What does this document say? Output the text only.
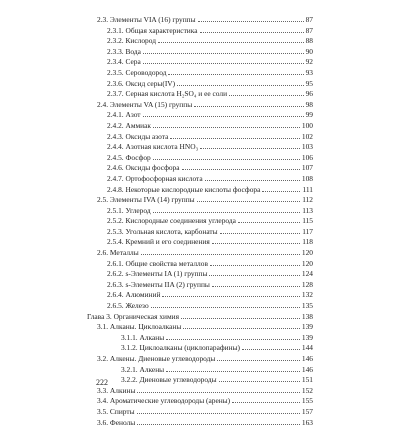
2.3. Элементы VIA (16) группы	87
2.3.1. Общая характеристика	87
2.3.2. Кислород	88
2.3.3. Вода	90
2.3.4. Сера	92
2.3.5. Сероводород	93
2.3.6. Оксид серы(IV)	95
2.3.7. Серная кислота H₂SO₄ и ее соли	96
2.4. Элементы VA (15) группы	98
2.4.1. Азот	99
2.4.2. Аммиак	100
2.4.3. Оксиды азота	102
2.4.4. Азотная кислота HNO₃	103
2.4.5. Фосфор	106
2.4.6. Оксиды фосфора	107
2.4.7. Ортофосфорная кислота	108
2.4.8. Некоторые кислородные кислоты фосфора	111
2.5. Элементы IVA (14) группы	112
2.5.1. Углерод	113
2.5.2. Кислородные соединения углерода	115
2.5.3. Угольная кислота, карбонаты	117
2.5.4. Кремний и его соединения	118
2.6. Металлы	120
2.6.1. Общие свойства металлов	120
2.6.2. s-Элементы IA (1) группы	124
2.6.3. s-Элементы IIA (2) группы	128
2.6.4. Алюминий	132
2.6.5. Железо	135
Глава 3. Органическая химия	138
3.1. Алканы. Циклоалканы	139
3.1.1. Алканы	139
3.1.2. Циклоалканы (циклопарафины)	144
3.2. Алкены. Диеновые углеводороды	146
3.2.1. Алкены	146
3.2.2. Диеновые углеводороды	151
3.3. Алкины	152
3.4. Ароматические углеводороды (арены)	155
3.5. Спирты	157
3.6. Фенолы	163
222
